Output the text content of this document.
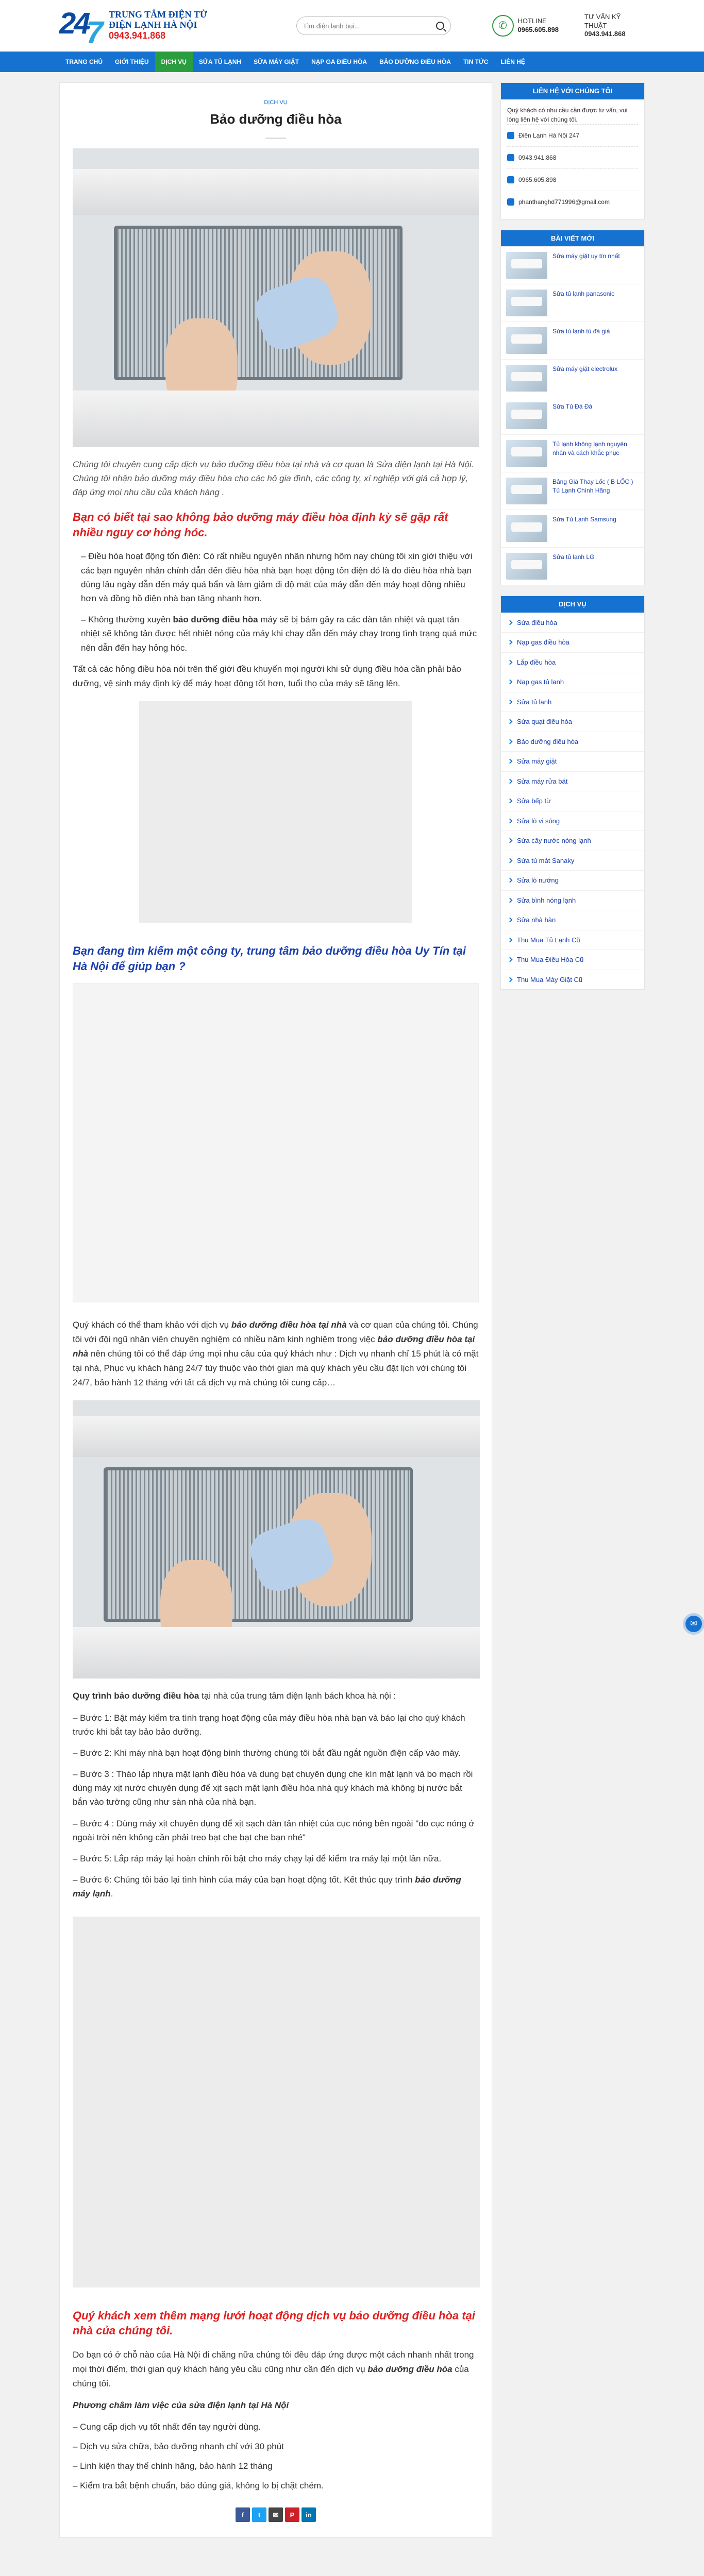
24
7
TRUNG TÂM ĐIỆN TỬ
ĐIỆN LẠNH HÀ NỘI
0943.941.868
Tìm điện lạnh bụi...
✆	HOTLINE
0965.605.898
TƯ VẤN KỸ THUẬT
0943.941.868
TRANG CHỦ	GIỚI THIỆU	DỊCH VỤ	SỬA TỦ LẠNH	SỬA MÁY GIẶT	NẠP GA ĐIỀU HÒA	BẢO DƯỠNG ĐIỀU HÒA	TIN TỨC	LIÊN HỆ
DỊCH VỤ
Bảo dưỡng điều hòa

Chúng tôi chuyên cung cấp dịch vụ bảo dưỡng điều hòa tại nhà và cơ quan là Sửa điện lạnh tại Hà Nội. Chúng tôi nhận bảo dưỡng máy điều hòa cho các hộ gia đình, các công ty, xí nghiệp với giá cả hợp lý, đáp ứng mọi nhu cầu của khách hàng .

Bạn có biết tại sao không bảo dưỡng máy điều hòa định kỳ sẽ gặp rất nhiều nguy cơ hỏng hóc.

– Điều hòa hoạt động tốn điện: Có rất nhiều nguyên nhân nhưng hôm nay chúng tôi xin giới thiệu với các bạn nguyên nhân chính dẫn đến điều hòa nhà bạn hoạt động tốn điện đó là do điều hòa nhà bạn dùng lâu ngày dẫn đến máy quá bẩn và làm giảm đi độ mát của máy dẫn đến máy hoạt động nhiều hơn và đồng hồ điện nhà bạn tăng nhanh hơn.

– Không thường xuyên bảo dưỡng điều hòa máy sẽ bị bám gây ra các dàn tản nhiệt và quạt tản nhiệt sẽ không tản được hết nhiệt nóng của máy khi chạy dẫn đến máy chạy trong tình trạng quá mức nên dẫn đến hay hỏng hóc.

Tất cả các hỏng điều hòa nói trên thế giới đều khuyến mọi người khi sử dụng điều hòa cần phải bảo dưỡng, vệ sinh máy định kỳ để máy hoạt động tốt hơn, tuổi thọ của máy sẽ tăng lên.

Bạn đang tìm kiếm một công ty, trung tâm bảo dưỡng điều hòa Uy Tín tại Hà Nội để giúp bạn ?

Quý khách có thể tham khảo với dịch vụ bảo dưỡng điều hòa tại nhà và cơ quan của chúng tôi. Chúng tôi với đội ngũ nhân viên chuyên nghiệm có nhiều năm kinh nghiệm trong việc bảo dưỡng điều hòa tại nhà nên chúng tôi có thể đáp ứng mọi nhu cầu của quý khách như : Dịch vụ nhanh chỉ 15 phút là có mặt tại nhà, Phục vụ khách hàng 24/7 tùy thuộc vào thời gian mà quý khách yêu cầu đặt lịch với chúng tôi 24/7, bảo hành 12 tháng với tất cả dịch vụ mà chúng tôi cung cấp…

Quy trình bảo dưỡng điều hòa tại nhà của trung tâm điện lạnh bách khoa hà nội :

– Bước 1: Bật máy kiểm tra tình trạng hoạt động của máy điều hòa nhà bạn và báo lại cho quý khách trước khi bắt tay bảo bảo dưỡng.

– Bước 2: Khi máy nhà bạn hoạt động bình thường chúng tôi bắt đầu ngắt nguồn điện cấp vào máy.

– Bước 3 : Tháo lắp nhựa mặt lạnh điều hòa và dung bạt chuyên dụng che kín mặt lạnh và bo mạch rồi dùng máy xịt nước chuyên dụng để xịt sạch mặt lạnh điều hòa nhà quý khách mà không bị nước bắt bắn vào tường cũng như sàn nhà của nhà bạn.

– Bước 4 : Dùng máy xịt chuyên dụng để xịt sạch dàn tản nhiệt của cục nóng bên ngoài "do cục nóng ở ngoài trời nên không cần phải treo bạt che bạt che bạn nhé"

– Bước 5: Lắp ráp máy lại hoàn chỉnh rồi bật cho máy chạy lại để kiểm tra máy lại một lần nữa.

– Bước 6: Chúng tôi báo lại tình hình của máy của bạn hoạt động tốt. Kết thúc quy trình bảo dưỡng máy lạnh.

Quý khách xem thêm mạng lưới hoạt động dịch vụ bảo dưỡng điều hòa tại nhà của chúng tôi.

Do bạn có ở chỗ nào của Hà Nội đi chăng nữa chúng tôi đều đáp ứng được một cách nhanh nhất trong mọi thời điểm, thời gian quý khách hàng yêu cầu cũng như cần đến dịch vụ bảo dưỡng điều hòa của chúng tôi.

Phương châm làm việc của sửa điện lạnh tại Hà Nội

– Cung cấp dịch vụ tốt nhất đến tay người dùng.

– Dịch vụ sửa chữa, bảo dưỡng nhanh chỉ với 30 phút

– Linh kiện thay thế chính hãng, bảo hành 12 tháng

– Kiểm tra bắt bệnh chuẩn, báo đúng giá, không lo bị chặt chém.

f	t	✉	P	in
LIÊN HỆ VỚI CHÚNG TÔI

Quý khách có nhu cầu cần được tư vấn, vui lòng liên hệ với chúng tôi.

Điện Lạnh Hà Nội 247
0943.941.868
0965.605.898
phanthanghd771996@gmail.com
BÀI VIẾT MỚI
Sửa máy giặt uy tín nhất
Sửa tủ lạnh panasonic
Sửa tủ lạnh tủ đá giá
Sửa máy giặt electrolux
Sửa Tủ Đá Đà
Tủ lạnh không lạnh nguyên nhân và cách khắc phục
Bảng Giá Thay Lốc ( B LỐC ) Tủ Lạnh Chính Hãng
Sửa Tủ Lạnh Samsung
Sửa tủ lạnh LG
DỊCH VỤ
Sửa điều hòa
Nạp gas điều hòa
Lắp điều hòa
Nạp gas tủ lạnh
Sửa tủ lạnh
Sửa quạt điều hòa
Bảo dưỡng điều hòa
Sửa máy giặt
Sửa máy rửa bát
Sửa bếp từ
Sửa lò vi sóng
Sửa cây nước nóng lạnh
Sửa tủ mát Sanaky
Sửa lò nướng
Sửa bình nóng lạnh
Sửa nhà hàn
Thu Mua Tủ Lạnh Cũ
Thu Mua Điều Hòa Cũ
Thu Mua Máy Giặt Cũ
✉
